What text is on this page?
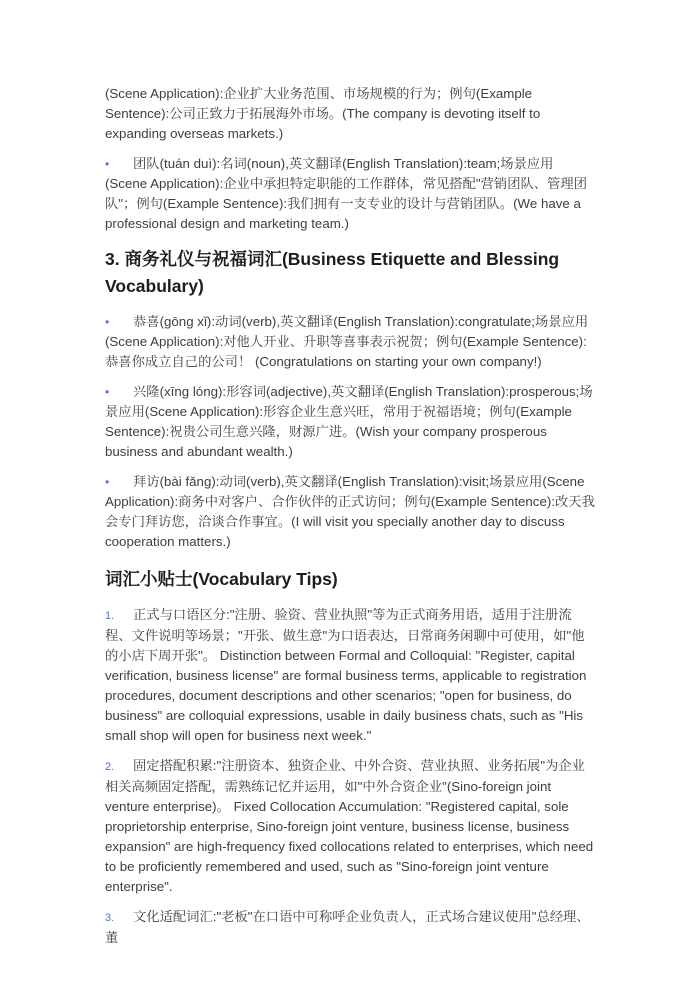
(Scene Application):企业扩大业务范围、市场规模的行为；例句(Example Sentence):公司正致力于拓展海外市场。(The company is devoting itself to expanding overseas markets.)

• 团队(tuán duì):名词(noun),英文翻译(English Translation):team;场景应用(Scene Application):企业中承担特定职能的工作群体，常见搭配"营销团队、管理团队"；例句(Example Sentence):我们拥有一支专业的设计与营销团队。(We have a professional design and marketing team.)
3. 商务礼仪与祝福词汇(Business Etiquette and Blessing Vocabulary)
• 恭喜(gōng xǐ):动词(verb),英文翻译(English Translation):congratulate;场景应用(Scene Application):对他人开业、升职等喜事表示祝贺；例句(Example Sentence):恭喜你成立自己的公司！ (Congratulations on starting your own company!)
• 兴隆(xīng lóng):形容词(adjective),英文翻译(English Translation):prosperous;场景应用(Scene Application):形容企业生意兴旺，常用于祝福语境；例句(Example Sentence):祝贵公司生意兴隆，财源广进。(Wish your company prosperous business and abundant wealth.)
• 拜访(bài fǎng):动词(verb),英文翻译(English Translation):visit;场景应用(Scene Application):商务中对客户、合作伙伴的正式访问；例句(Example Sentence):改天我会专门拜访您，洽谈合作事宜。(I will visit you specially another day to discuss cooperation matters.)
词汇小贴士(Vocabulary Tips)
1. 正式与口语区分:"注册、验资、营业执照"等为正式商务用语，适用于注册流程、文件说明等场景；"开张、做生意"为口语表达，日常商务闲聊中可使用，如"他的小店下周开张"。 Distinction between Formal and Colloquial: "Register, capital verification, business license" are formal business terms, applicable to registration procedures, document descriptions and other scenarios; "open for business, do business" are colloquial expressions, usable in daily business chats, such as "His small shop will open for business next week."
2. 固定搭配积累:"注册资本、独资企业、中外合资、营业执照、业务拓展"为企业相关高频固定搭配，需熟练记忆并运用，如"中外合资企业"(Sino-foreign joint venture enterprise)。 Fixed Collocation Accumulation: "Registered capital, sole proprietorship enterprise, Sino-foreign joint venture, business license, business expansion" are high-frequency fixed collocations related to enterprises, which need to be proficiently remembered and used, such as "Sino-foreign joint venture enterprise".
3. 文化适配词汇:"老板"在口语中可称呼企业负责人，正式场合建议使用"总经理、董
